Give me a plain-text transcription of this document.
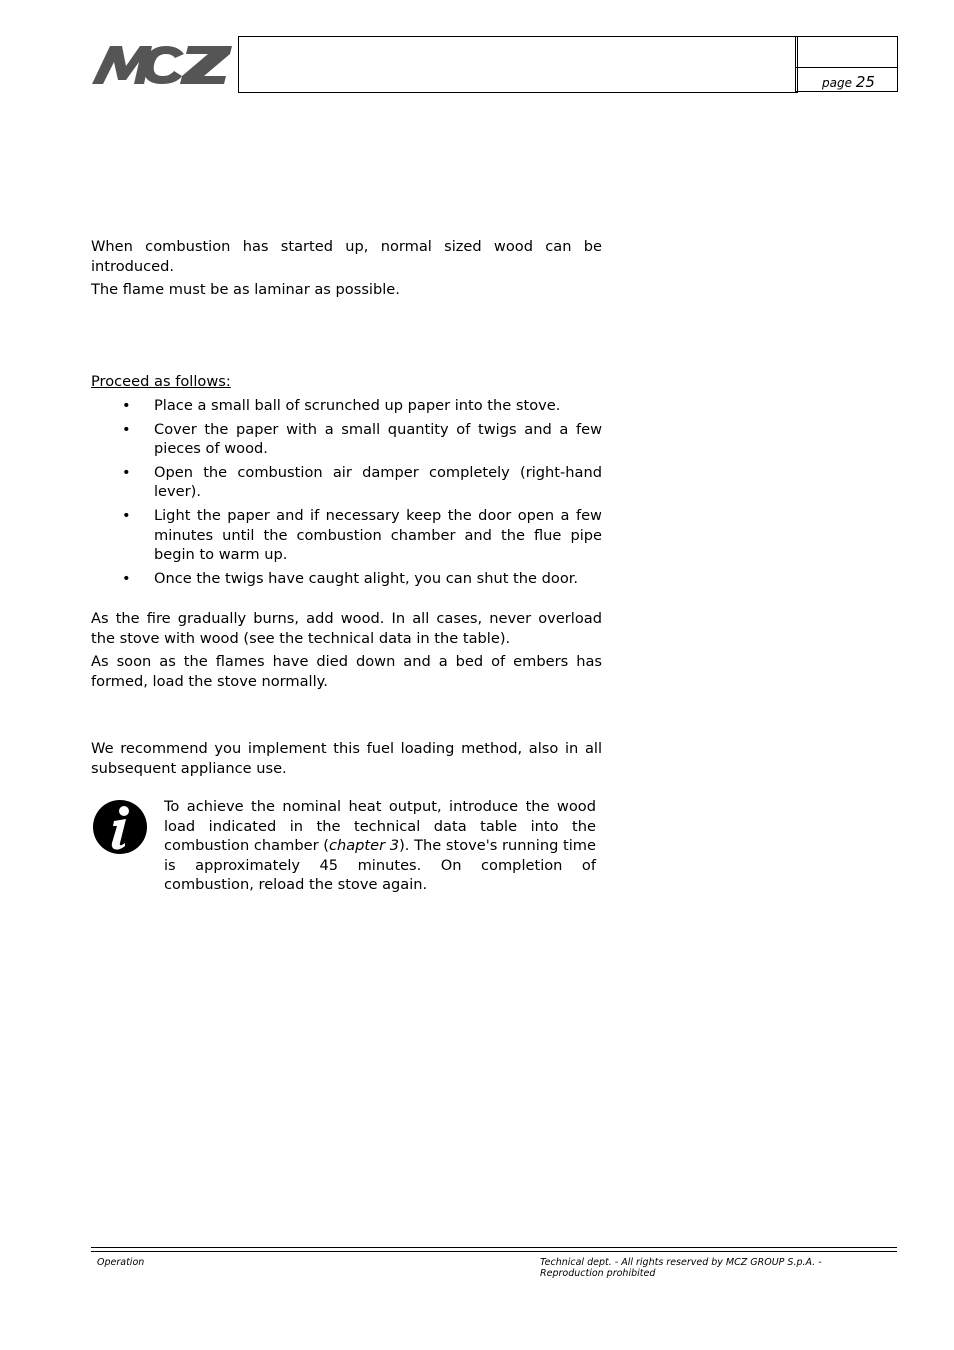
page 25

When combustion has started up, normal sized wood can be introduced.

The flame must be as laminar as possible.

Proceed as follows:

• Place a small ball of scrunched up paper into the stove.
• Cover the paper with a small quantity of twigs and a few pieces of wood.
• Open the combustion air damper completely (right-hand lever).
• Light the paper and if necessary keep the door open a few minutes until the combustion chamber and the flue pipe begin to warm up.
• Once the twigs have caught alight, you can shut the door.

As the fire gradually burns, add wood. In all cases, never overload the stove with wood (see the technical data in the table).

As soon as the flames have died down and a bed of embers has formed, load the stove normally.

We recommend you implement this fuel loading method, also in all subsequent appliance use.

To achieve the nominal heat output, introduce the wood load indicated in the technical data table into the combustion chamber (chapter 3). The stove's running time is approximately 45 minutes. On completion of combustion, reload the stove again.

Operation	Technical dept. - All rights reserved by MCZ GROUP S.p.A. - Reproduction prohibited
